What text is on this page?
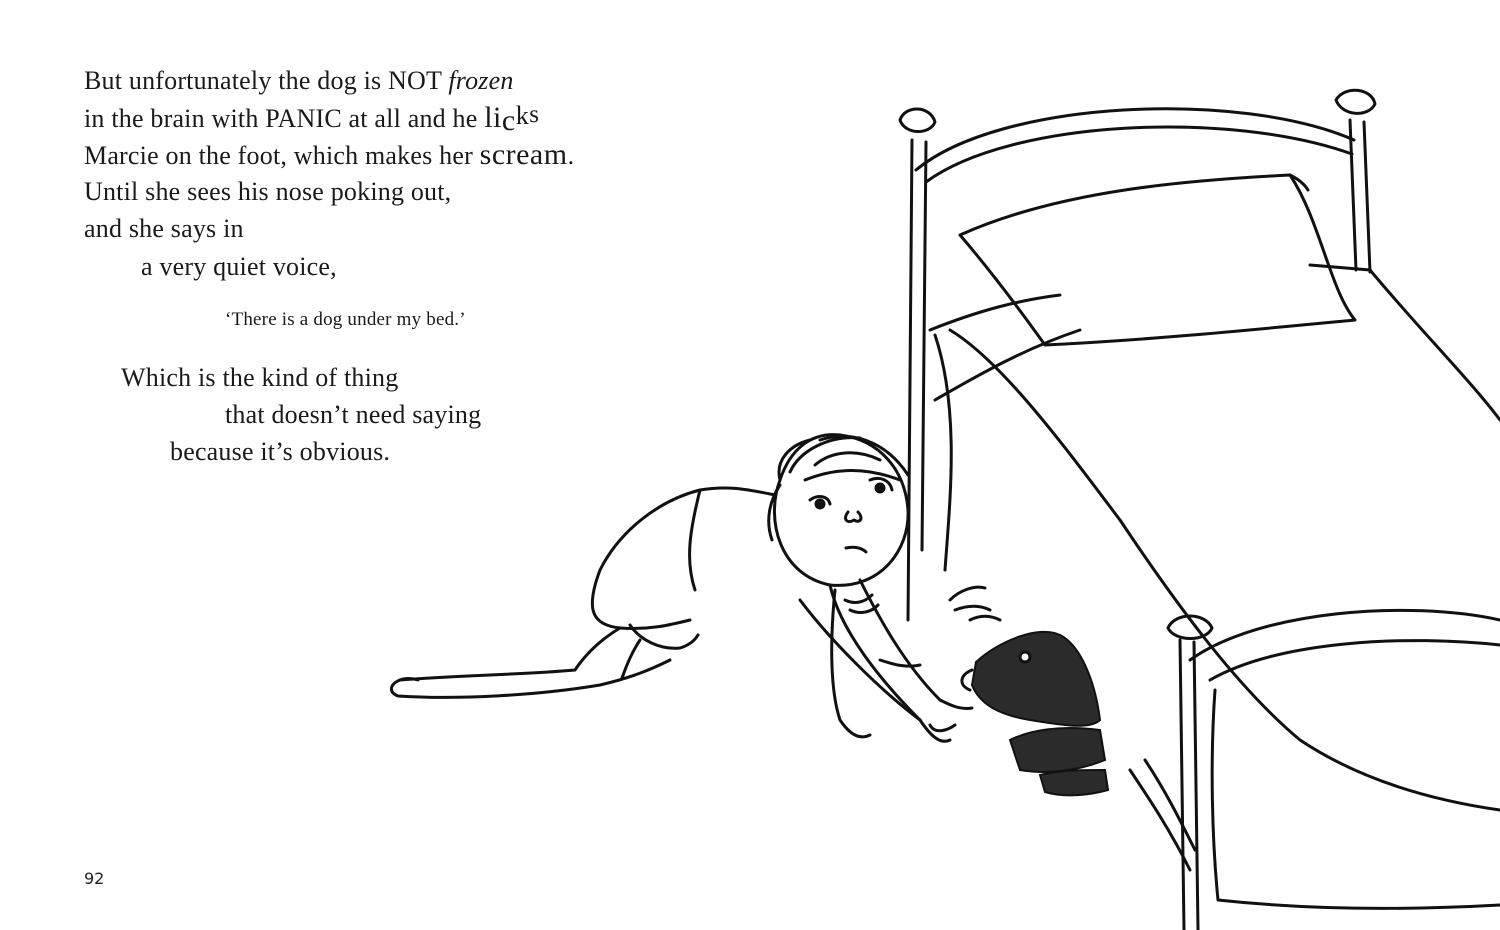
But unfortunately the dog is NOT frozen
in the brain with PANIC at all and he licks
Marcie on the foot, which makes her scream.
Until she sees his nose poking out,
and she says in
a very quiet voice,
‘There is a dog under my bed.’
Which is the kind of thing
that doesn’t need saying
because it’s obvious.
92
